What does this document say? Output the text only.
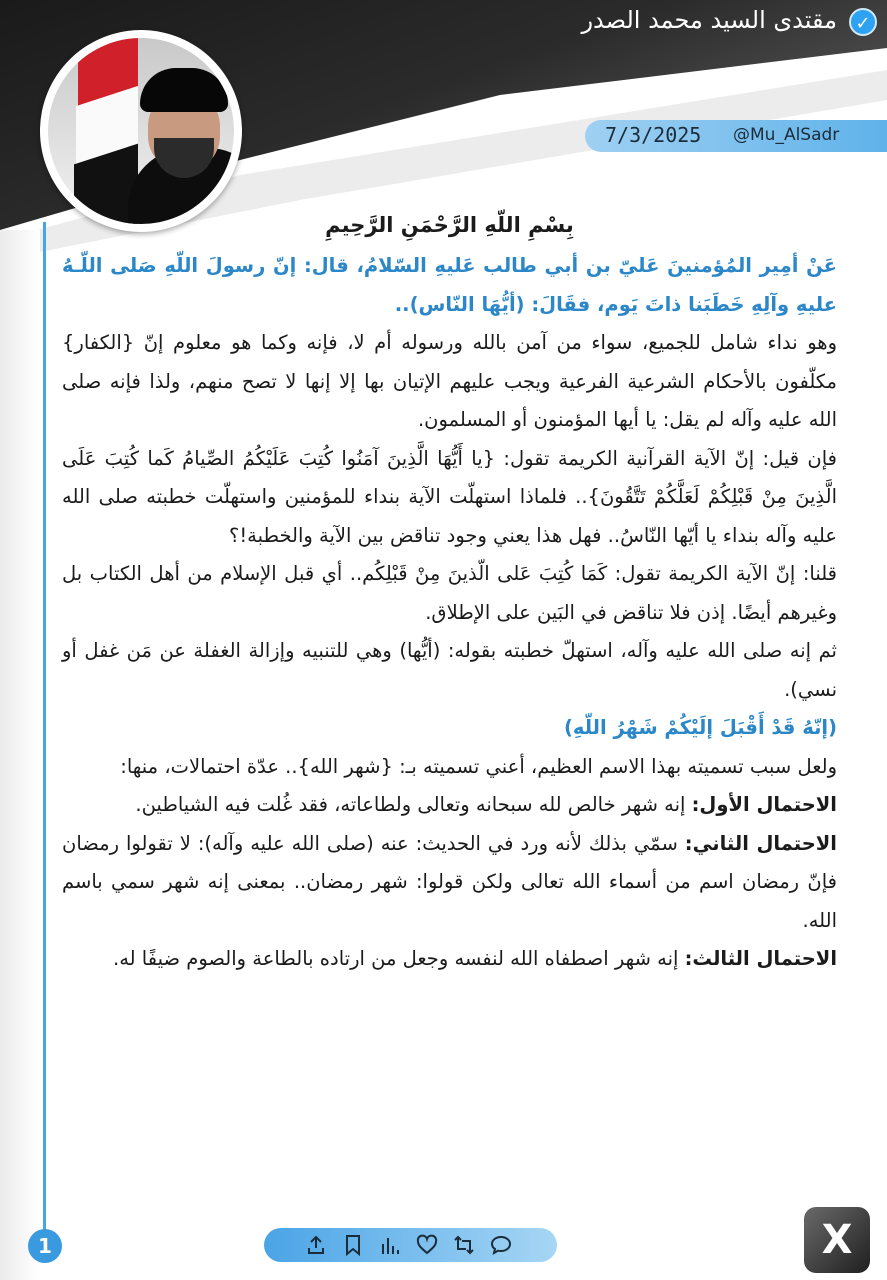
مقتدى السيد محمد الصدر	✓
7/3/2025 @Mu_AlSadr

بِسْمِ اللّهِ الرَّحْمَنِ الرَّحِيمِ

عَنْ أمِير المُؤمنينَ عَليّ بن أبي طالب عَليهِ السّلامُ، قال: إنّ رسولَ اللّهِ صَلى اللّـهُ عليهِ وآلِهِ خَطَبَنا ذاتَ يَوم، فقَالَ: (أيُّهَا النّاس)..

وهو نداء شامل للجميع، سواء من آمن بالله ورسوله أم لا، فإنه وكما هو معلوم إنّ {الكفار} مكلّفون بالأحكام الشرعية الفرعية ويجب عليهم الإتيان بها إلا إنها لا تصح منهم، ولذا فإنه صلى الله عليه وآله لم يقل: يا أيها المؤمنون أو المسلمون.

فإن قيل: إنّ الآية القرآنية الكريمة تقول: {يا أَيُّهَا الَّذِينَ آمَنُوا كُتِبَ عَلَيْكُمُ الصِّيامُ كَما كُتِبَ عَلَى الَّذِينَ مِنْ قَبْلِكُمْ لَعَلَّكُمْ تَتَّقُونَ}.. فلماذا استهلّت الآية بنداء للمؤمنين واستهلّت خطبته صلى الله عليه وآله بنداء يا أيّها النّاسُ.. فهل هذا يعني وجود تناقض بين الآية والخطبة!؟

قلنا: إنّ الآية الكريمة تقول: كَمَا كُتِبَ عَلى الّذينَ مِنْ قَبْلِكُم.. أي قبل الإسلام من أهل الكتاب بل وغيرهم أيضًا. إذن فلا تناقض في البَين على الإطلاق.

ثم إنه صلى الله عليه وآله، استهلّ خطبته بقوله: (أيُّها) وهي للتنبيه وإزالة الغفلة عن مَن غفل أو نسي).

(إنّهُ قَدْ أَقْبَلَ إلَيْكُمْ شَهْرُ اللّهِ)

ولعل سبب تسميته بهذا الاسم العظيم، أعني تسميته بـ: {شهر الله}.. عدّة احتمالات، منها:

الاحتمال الأول: إنه شهر خالص لله سبحانه وتعالى ولطاعاته، فقد غُلت فيه الشياطين.

الاحتمال الثاني: سمّي بذلك لأنه ورد في الحديث: عنه (صلى الله عليه وآله): لا تقولوا رمضان فإنّ رمضان اسم من أسماء الله تعالى ولكن قولوا: شهر رمضان.. بمعنى إنه شهر سمي باسم الله.

الاحتمال الثالث: إنه شهر اصطفاه الله لنفسه وجعل من ارتاده بالطاعة والصوم ضيفًا له.

1	X
